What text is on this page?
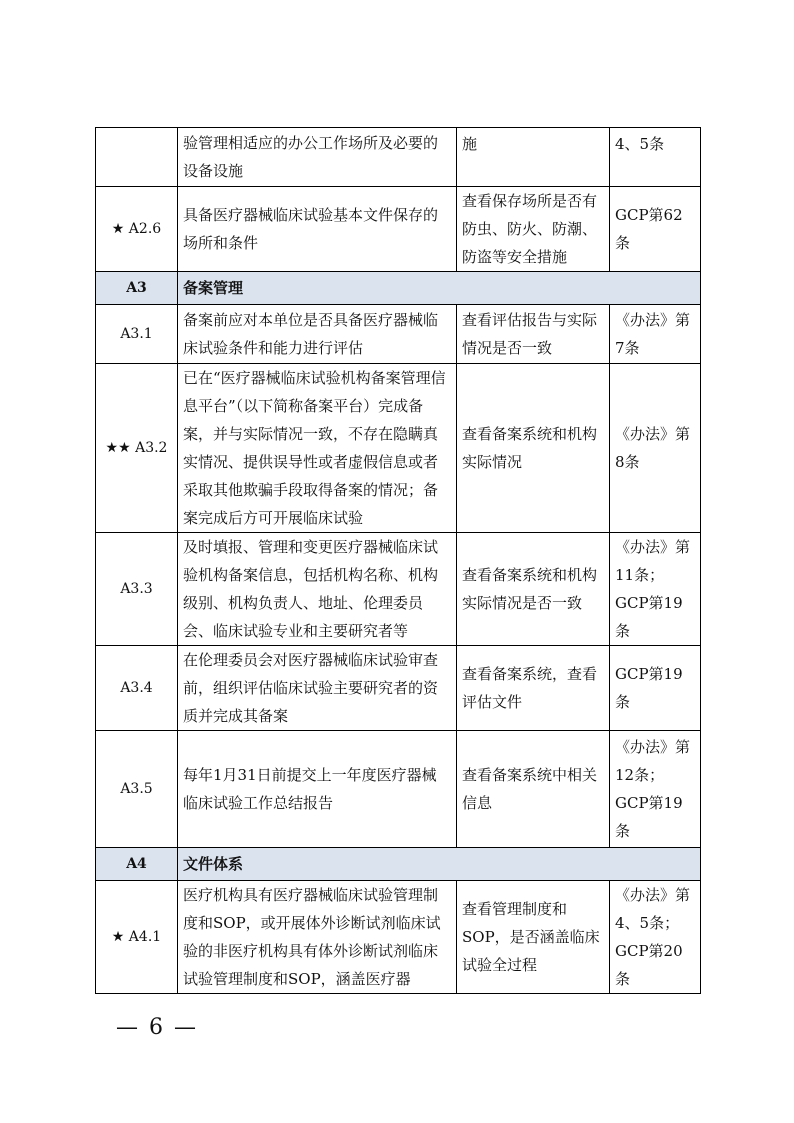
	验管理相适应的办公工作场所及必要的设备设施	施	4、5条
★ A2.6	具备医疗器械临床试验基本文件保存的场所和条件	查看保存场所是否有防虫、防火、防潮、防盗等安全措施	GCP第62条
A3	备案管理		
A3.1	备案前应对本单位是否具备医疗器械临床试验条件和能力进行评估	查看评估报告与实际情况是否一致	《办法》第7条
★★ A3.2	已在“医疗器械临床试验机构备案管理信息平台”（以下简称备案平台）完成备案，并与实际情况一致，不存在隐瞒真实情况、提供误导性或者虚假信息或者采取其他欺骗手段取得备案的情况；备案完成后方可开展临床试验	查看备案系统和机构实际情况	《办法》第8条
A3.3	及时填报、管理和变更医疗器械临床试验机构备案信息，包括机构名称、机构级别、机构负责人、地址、伦理委员会、临床试验专业和主要研究者等	查看备案系统和机构实际情况是否一致	《办法》第11条；GCP第19条
A3.4	在伦理委员会对医疗器械临床试验审查前，组织评估临床试验主要研究者的资质并完成其备案	查看备案系统，查看评估文件	GCP第19条
A3.5	每年1月31日前提交上一年度医疗器械临床试验工作总结报告	查看备案系统中相关信息	《办法》第12条；GCP第19条
A4	文件体系		
★ A4.1	医疗机构具有医疗器械临床试验管理制度和SOP，或开展体外诊断试剂临床试验的非医疗机构具有体外诊断试剂临床试验管理制度和SOP，涵盖医疗器	查看管理制度和SOP，是否涵盖临床试验全过程	《办法》第4、5条；GCP第20条
— 6 —
